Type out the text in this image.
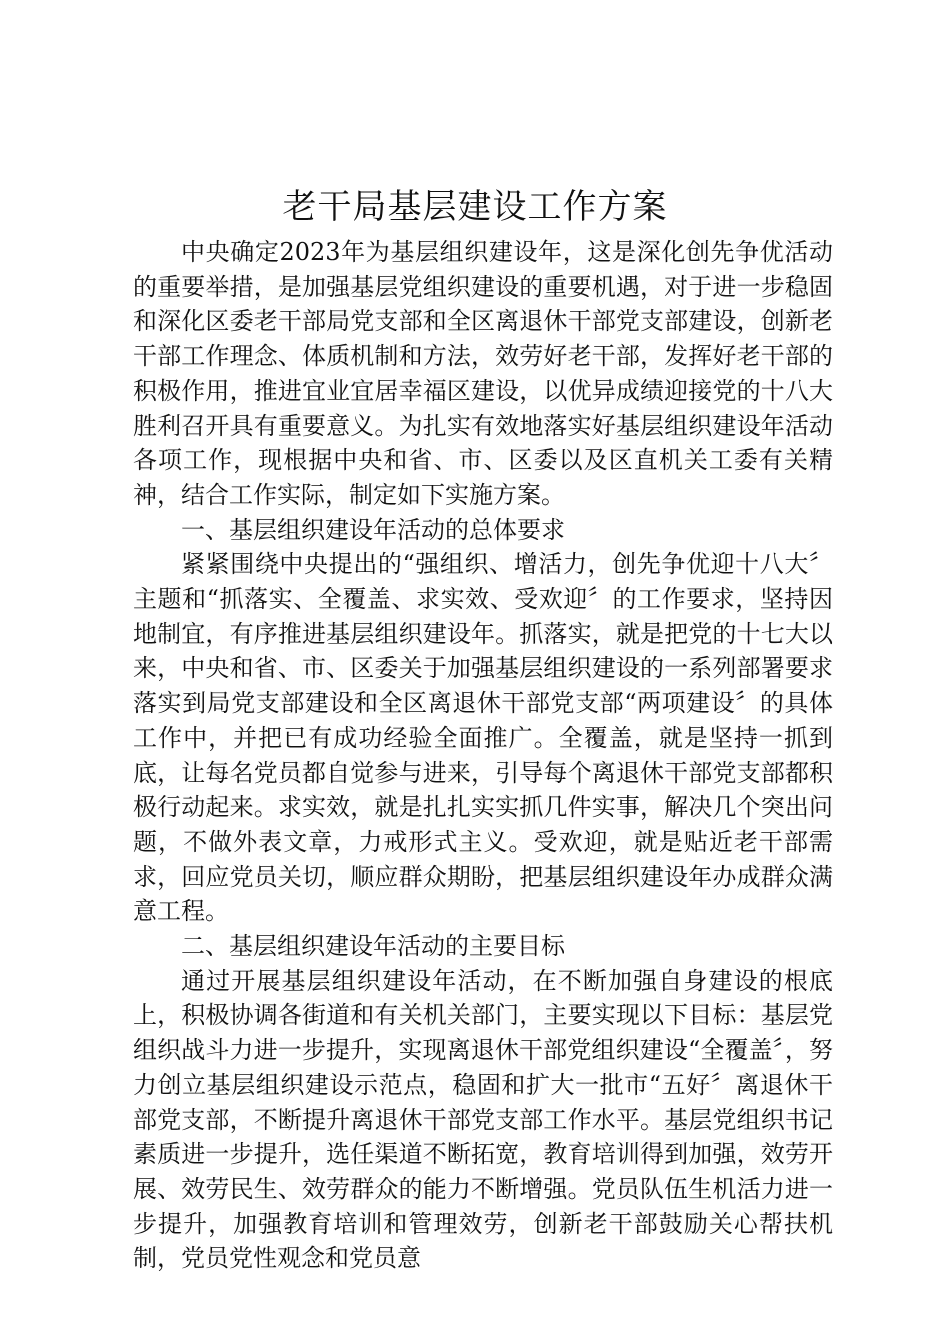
老干局基层建设工作方案

中央确定2023年为基层组织建设年，这是深化创先争优活动的重要举措，是加强基层党组织建设的重要机遇，对于进一步稳固和深化区委老干部局党支部和全区离退休干部党支部建设，创新老干部工作理念、体质机制和方法，效劳好老干部，发挥好老干部的积极作用，推进宜业宜居幸福区建设，以优异成绩迎接党的十八大胜利召开具有重要意义。为扎实有效地落实好基层组织建设年活动各项工作，现根据中央和省、市、区委以及区直机关工委有关精神，结合工作实际，制定如下实施方案。

一、基层组织建设年活动的总体要求

紧紧围绕中央提出的“强组织、增活力，创先争优迎十八大〞主题和“抓落实、全覆盖、求实效、受欢迎〞的工作要求，坚持因地制宜，有序推进基层组织建设年。抓落实，就是把党的十七大以来，中央和省、市、区委关于加强基层组织建设的一系列部署要求落实到局党支部建设和全区离退休干部党支部“两项建设〞的具体工作中，并把已有成功经验全面推广。全覆盖，就是坚持一抓到底，让每名党员都自觉参与进来，引导每个离退休干部党支部都积极行动起来。求实效，就是扎扎实实抓几件实事，解决几个突出问题，不做外表文章，力戒形式主义。受欢迎，就是贴近老干部需求，回应党员关切，顺应群众期盼，把基层组织建设年办成群众满意工程。

二、基层组织建设年活动的主要目标

通过开展基层组织建设年活动，在不断加强自身建设的根底上，积极协调各街道和有关机关部门，主要实现以下目标：基层党组织战斗力进一步提升，实现离退休干部党组织建设“全覆盖〞，努力创立基层组织建设示范点，稳固和扩大一批市“五好〞离退休干部党支部，不断提升离退休干部党支部工作水平。基层党组织书记素质进一步提升，选任渠道不断拓宽，教育培训得到加强，效劳开展、效劳民生、效劳群众的能力不断增强。党员队伍生机活力进一步提升，加强教育培训和管理效劳，创新老干部鼓励关心帮扶机制，党员党性观念和党员意
